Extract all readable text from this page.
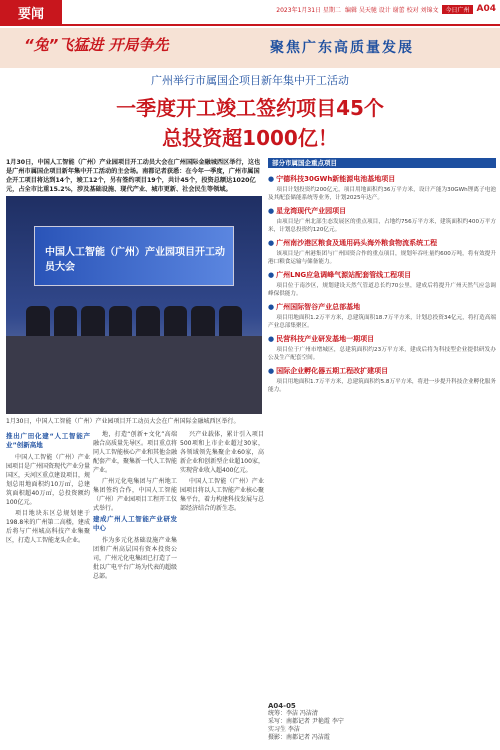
要闻	2023年1月31日 星期二 编辑 吴天驰 设计 谢蕾 校对 刘锦文	今日广州 A04
“兔”飞猛进 开局争先	聚焦广东高质量发展
广州举行市属国企项目新年集中开工活动
一季度开工竣工签约项目45个
总投资超1000亿！
1月30日，中国人工智能（广州）产业园项目开工动员大会在广州国际金融城西区举行，这也是广州市属国企项目新年集中开工活动的主会场。南都记者获悉：在今年一季度，广州市属国企开工项目将达到14个，竣工12个，另有签约项目19个，共计45个，投资总额达1020亿元，占全市比重15.2%，涉及基础设施、现代产业、城市更新、社会民生等领域。
中国人工智能（广州）产业园项目开工动员大会
1月30日，中国人工智能（广州）产业园项目开工动员大会在广州国际金融城西区举行。
推出广田化建“人工智能产业”创新高地

中国人工智能（广州）产业园项目是广州国资现代产业分量国区，天河区重点建设项目，规划总用地面积约10万㎡，总建筑面积超40万㎡，总投资额约100亿元。

项目地块东区总规划建于198.8米的广州第二高楼，建成后将与广州城高科技产业集聚区，打造人工智能龙头企业。

地，打造“创新+文化”高端融合高质量先导区。项目重点将同人工智能核心产业和其他金融配套产业，聚集新一代人工智能产业。

广州元化电集团与广州地工集团签约合作，中国人工智能（广州）产业园项目工程开工仪式举行。

建成广州人工智能产业研发中心

作为多元化基础设施产业集团和广州高层国有资本投资公司，广州元化电集团已打造了一批以广电平台广场为代表的超级总部。

兴产业载体，累计引入项目500项和上市企业超过30家，各领域领先集聚企业60家，高新企业和创新型企业超100家，实现营业收入超400亿元。

中国人工智能（广州）产业园项目将以人工智能产业核心聚集平台，着力构建科技发展与总部经济结合的新生态。

部分市属国企重点项目
● 宁德科技30GWh新能源电池基地项目

项目计划投资约200亿元，项目用地面积约36万平方米，设计产能为30GWh锂离子电池及其配套储能系统等业务，计划2025年达产。

● 星龙湾现代产业园项目

由项目是广州北部生态发展区的重点项目，占地约756万平方米，建筑面积约400万平方米，计划总投资约120亿元。

● 广州南沙港区粮食及通用码头海外粮食物流系统工程

该项目是广州港集团与广州国资合作的重点项目，规划年吞吐量约600万吨，将有效提升港口粮食运输与储备能力。

● 广州LNG应急调峰气源站配套管线工程项目

项目位于南沙区，规划建设天然气管道总长约70公里，建成后将提升广州天然气应急调峰保供能力。

● 广州国际智谷产业总部基地

项目用地面积1.2万平方米，总建筑面积18.7万平方米，计划总投资34亿元，将打造高端产业总部集聚区。

● 民营科技产业研发基地一期项目

项目位于广州市增城区，总建筑面积约23万平方米，建成后将为科技型企业提供研发办公及生产配套空间。

● 国际企业孵化器五期工程改扩建项目

项目用地面积1.7万平方米，总建筑面积约5.8万平方米，将进一步提升科技企业孵化服务能力。

A04-05
统筹：李洁 冯洁清
采写：南都记者 尹艳霞 李宁
实习生 李洁
摄影：南都记者 冯洁霞
